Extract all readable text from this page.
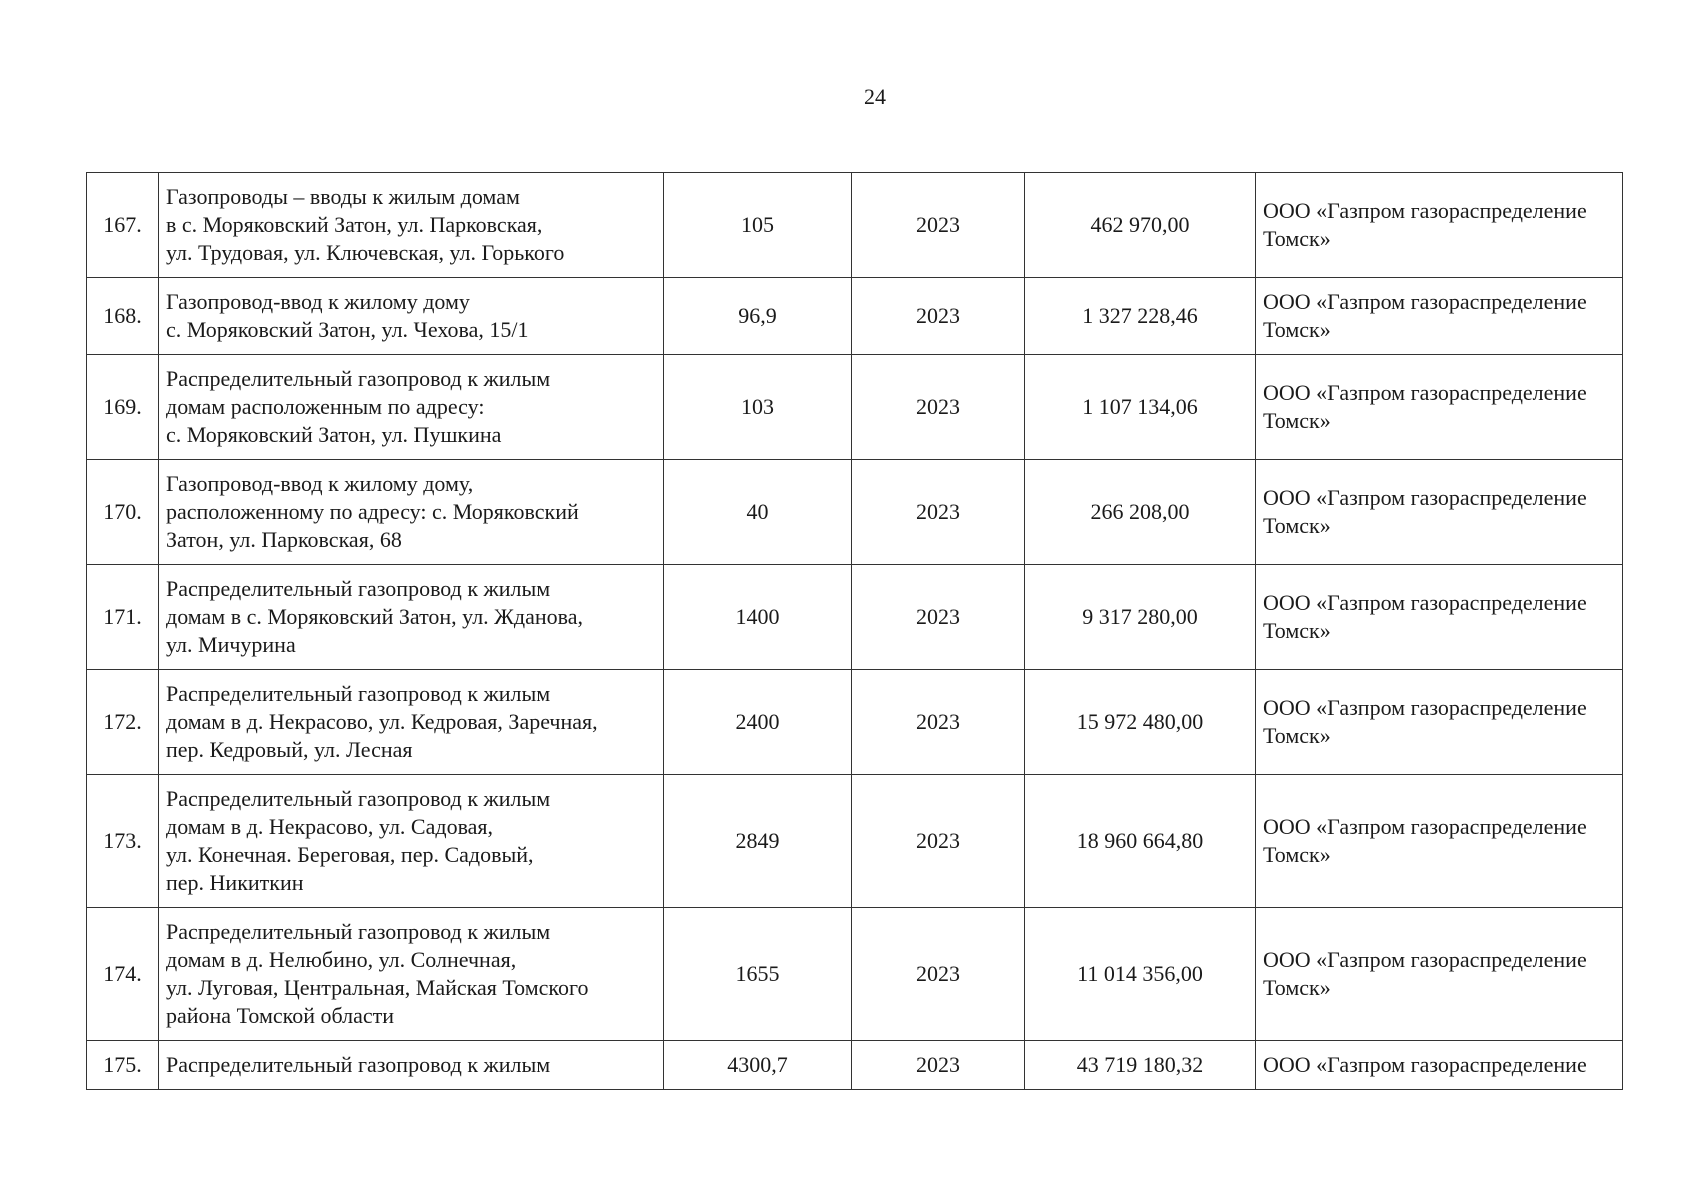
24
167.	Газопроводы – вводы к жилым домам
в с. Моряковский Затон, ул. Парковская,
ул. Трудовая, ул. Ключевская, ул. Горького	105	2023	462 970,00	ООО «Газпром газораспределение
Томск»

168.	Газопровод-ввод к жилому дому
с. Моряковский Затон, ул. Чехова, 15/1	96,9	2023	1 327 228,46	ООО «Газпром газораспределение
Томск»

169.	Распределительный газопровод к жилым
домам расположенным по адресу:
с. Моряковский Затон, ул. Пушкина	103	2023	1 107 134,06	ООО «Газпром газораспределение
Томск»

170.	Газопровод-ввод к жилому дому,
расположенному по адресу: с. Моряковский
Затон, ул. Парковская, 68	40	2023	266 208,00	ООО «Газпром газораспределение
Томск»

171.	Распределительный газопровод к жилым
домам в с. Моряковский Затон, ул. Жданова,
ул. Мичурина	1400	2023	9 317 280,00	ООО «Газпром газораспределение
Томск»

172.	Распределительный газопровод к жилым
домам в д. Некрасово, ул. Кедровая, Заречная,
пер. Кедровый, ул. Лесная	2400	2023	15 972 480,00	ООО «Газпром газораспределение
Томск»

173.	Распределительный газопровод к жилым
домам в д. Некрасово, ул. Садовая,
ул. Конечная. Береговая, пер. Садовый,
пер. Никиткин	2849	2023	18 960 664,80	ООО «Газпром газораспределение
Томск»

174.	Распределительный газопровод к жилым
домам в д. Нелюбино, ул. Солнечная,
ул. Луговая, Центральная, Майская Томского
района Томской области	1655	2023	11 014 356,00	ООО «Газпром газораспределение
Томск»

175.	Распределительный газопровод к жилым	4300,7	2023	43 719 180,32	ООО «Газпром газораспределение
